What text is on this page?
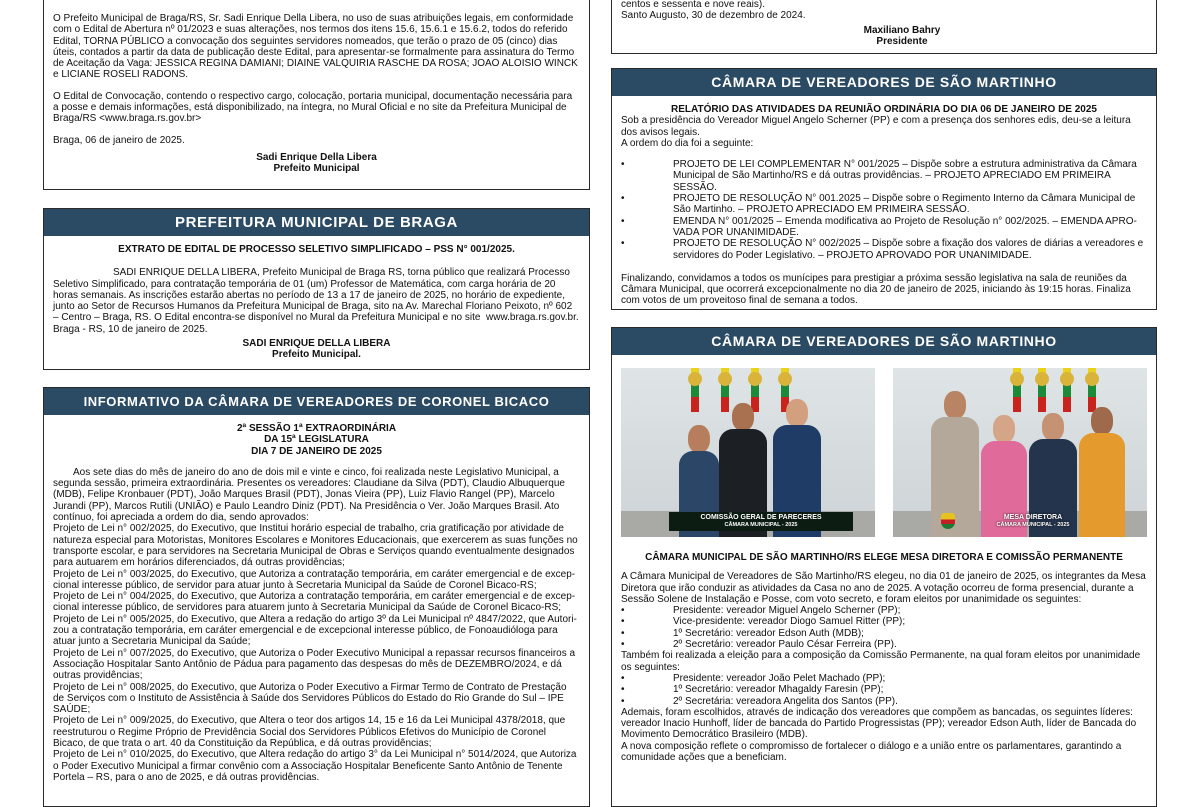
O Prefeito Municipal de Braga/RS, Sr. Sadi Enrique Della Libera, no uso de suas atribuições legais, em conformidade com o Edital de Abertura nº 01/2023 e suas alterações, nos termos dos itens 15.6, 15.6.1 e 15.6.2, todos do referido Edital, TORNA PÚBLICO a convocação dos seguintes servidores nomeados, que terão o prazo de 05 (cinco) dias úteis, contados a partir da data de publicação deste Edital, para apresentar-se formalmente para assinatura do Termo de Aceitação da Vaga: JESSICA REGINA DAMIANI; DIAINE VALQUIRIA RASCHE DA ROSA; JOAO ALOISIO WINCK e LICIANE ROSELI RADONS.

O Edital de Convocação, contendo o respectivo cargo, colocação, portaria municipal, documentação necessária para a posse e demais informações, está disponibilizado, na íntegra, no Mural Oficial e no site da Prefeitura Municipal de Braga/RS <www.braga.rs.gov.br>

Braga, 06 de janeiro de 2025.

Sadi Enrique Della Libera

Prefeito Municipal

PREFEITURA MUNICIPAL DE BRAGA

EXTRATO DE EDITAL DE PROCESSO SELETIVO SIMPLIFICADO – PSS N° 001/2025.

SADI ENRIQUE DELLA LIBERA, Prefeito Municipal de Braga RS, torna público que realizará Processo Seletivo Simplificado, para contratação temporária de 01 (um) Professor de Matemática, com carga horária de 20 horas semanais. As inscrições estarão abertas no período de 13 a 17 de janeiro de 2025, no horário de expediente, junto ao Setor de Recursos Humanos da Prefeitura Municipal de Braga, sito na Av. Marechal Floriano Peixoto, nº 602 – Centro – Braga, RS. O Edital encontra-se disponível no Mural da Prefeitura Municipal e no site  www.braga.rs.gov.br.

Braga - RS, 10 de janeiro de 2025.

SADI ENRIQUE DELLA LIBERA

Prefeito Municipal.

INFORMATIVO DA CÂMARA DE VEREADORES DE CORONEL BICACO

2ª SESSÃO 1ª EXTRAORDINÁRIA

DA 15ª LEGISLATURA

DIA 7 DE JANEIRO DE 2025

Aos sete dias do mês de janeiro do ano de dois mil e vinte e cinco, foi realizada neste Legislativo Municipal, a segunda sessão, primeira extraordinária. Presentes os vereadores: Claudiane da Silva (PDT), Claudio Albuquerque (MDB), Felipe Kronbauer (PDT), João Marques Brasil (PDT), Jonas Vieira (PP), Luiz Flavio Rangel (PP), Marcelo Jurandi (PP), Marcos Rutili (UNIÃO) e Paulo Leandro Diniz (PDT). Na Presidência o Ver. João Marques Brasil. Ato contínuo, foi apreciada a ordem do dia, sendo aprovados:

Projeto de Lei n° 002/2025, do Executivo, que Institui horário especial de trabalho, cria gratificação por atividade de natureza especial para Motoristas, Monitores Escolares e Monitores Educacionais, que exercerem as suas funções no transporte escolar, e para servidores na Secretaria Municipal de Obras e Serviços quando eventualmente designados para autuarem em horários diferenciados, dá outras providências;

Projeto de Lei n° 003/2025, do Executivo, que Autoriza a contratação temporária, em caráter emergencial e de excep-cional interesse público, de servidor para atuar junto à Secretaria Municipal da Saúde de Coronel Bicaco-RS;

Projeto de Lei n° 004/2025, do Executivo, que Autoriza a contratação temporária, em caráter emergencial e de excep-cional interesse público, de servidores para atuarem junto à Secretaria Municipal da Saúde de Coronel Bicaco-RS;

Projeto de Lei n° 005/2025, do Executivo, que Altera a redação do artigo 3º da Lei Municipal nº 4847/2022, que Autori-zou a contratação temporária, em caráter emergencial e de excepcional interesse público, de Fonoaudióloga para atuar junto a Secretaria Municipal da Saúde;

Projeto de Lei n° 007/2025, do Executivo, que Autoriza o Poder Executivo Municipal a repassar recursos financeiros a Associação Hospitalar Santo Antônio de Pádua para pagamento das despesas do mês de DEZEMBRO/2024, e dá outras providências;

Projeto de Lei n° 008/2025, do Executivo, que Autoriza o Poder Executivo a Firmar Termo de Contrato de Prestação de Serviços com o Instituto de Assistência à Saúde dos Servidores Públicos do Estado do Rio Grande do Sul – IPE SAÚDE;

Projeto de Lei n° 009/2025, do Executivo, que Altera o teor dos artigos 14, 15 e 16 da Lei Municipal 4378/2018, que reestruturou o Regime Próprio de Previdência Social dos Servidores Públicos Efetivos do Município de Coronel Bicaco, de que trata o art. 40 da Constituição da República, e dá outras providências;

Projeto de Lei n° 010/2025, do Executivo, que Altera redação do artigo 3° da Lei Municipal n° 5014/2024, que Autoriza o Poder Executivo Municipal a firmar convênio com a Associação Hospitalar Beneficente Santo Antônio de Tenente Portela – RS, para o ano de 2025, e dá outras providências.

centos e sessenta e nove reais).

Santo Augusto, 30 de dezembro de 2024.

Maxiliano Bahry

Presidente

CÂMARA DE VEREADORES DE SÃO MARTINHO

RELATÓRIO DAS ATIVIDADES DA REUNIÃO ORDINÁRIA DO DIA 06 DE JANEIRO DE 2025

Sob a presidência do Vereador Miguel Angelo Scherner (PP) e com a presença dos senhores edis, deu-se a leitura dos avisos legais.

A ordem do dia foi a seguinte:

•	PROJETO DE LEI COMPLEMENTAR N° 001/2025 – Dispõe sobre a estrutura administrativa da Câmara Municipal de São Martinho/RS e dá outras providências. – PROJETO APRECIADO EM PRIMEIRA SESSÃO.
•	PROJETO DE RESOLUÇÃO N° 001.2025 – Dispõe sobre o Regimento Interno da Câmara Municipal de São Martinho. – PROJETO APRECIADO EM PRIMEIRA SESSÃO.
•	EMENDA N° 001/2025 – Emenda modificativa ao Projeto de Resolução n° 002/2025. – EMENDA APRO-VADA POR UNANIMIDADE.
•	PROJETO DE RESOLUÇÃO N° 002/2025 – Dispõe sobre a fixação dos valores de diárias a vereadores e servidores do Poder Legislativo. – PROJETO APROVADO POR UNANIMIDADE.

Finalizando, convidamos a todos os munícipes para prestigiar a próxima sessão legislativa na sala de reuniões da Câmara Municipal, que ocorrerá excepcionalmente no dia 20 de janeiro de 2025, iniciando às 19:15 horas. Finaliza com votos de um proveitoso final de semana a todos.

CÂMARA DE VEREADORES DE SÃO MARTINHO
COMISSÃO GERAL DE PARECERES
CÂMARA MUNICIPAL - 2025
MESA DIRETORA
CÂMARA MUNICIPAL - 2025

CÂMARA MUNICIPAL DE SÃO MARTINHO/RS ELEGE MESA DIRETORA E COMISSÃO PERMANENTE

A Câmara Municipal de Vereadores de São Martinho/RS elegeu, no dia 01 de janeiro de 2025, os integrantes da Mesa Diretora que irão conduzir as atividades da Casa no ano de 2025. A votação ocorreu de forma presencial, durante a Sessão Solene de Instalação e Posse, com voto secreto, e foram eleitos por unanimidade os seguintes:

•	Presidente: vereador Miguel Angelo Scherner (PP);
•	Vice-presidente: vereador Diogo Samuel Ritter (PP);
•	1º Secretário: vereador Edson Auth (MDB);
•	2º Secretário: vereador Paulo César Ferreira (PP).

Também foi realizada a eleição para a composição da Comissão Permanente, na qual foram eleitos por unanimidade os seguintes:

•	Presidente: vereador João Pelet Machado (PP);
•	1º Secretário: vereador Mhagaldy Faresin (PP);
•	2º Secretária: vereadora Angelita dos Santos (PP).

Ademais, foram escolhidos, através de indicação dos vereadores que compõem as bancadas, os seguintes líderes: vereador Inacio Hunhoff, líder de bancada do Partido Progressistas (PP); vereador Edson Auth, líder de Bancada do Movimento Democrático Brasileiro (MDB).

A nova composição reflete o compromisso de fortalecer o diálogo e a união entre os parlamentares, garantindo a comunidade ações que a beneficiam.
